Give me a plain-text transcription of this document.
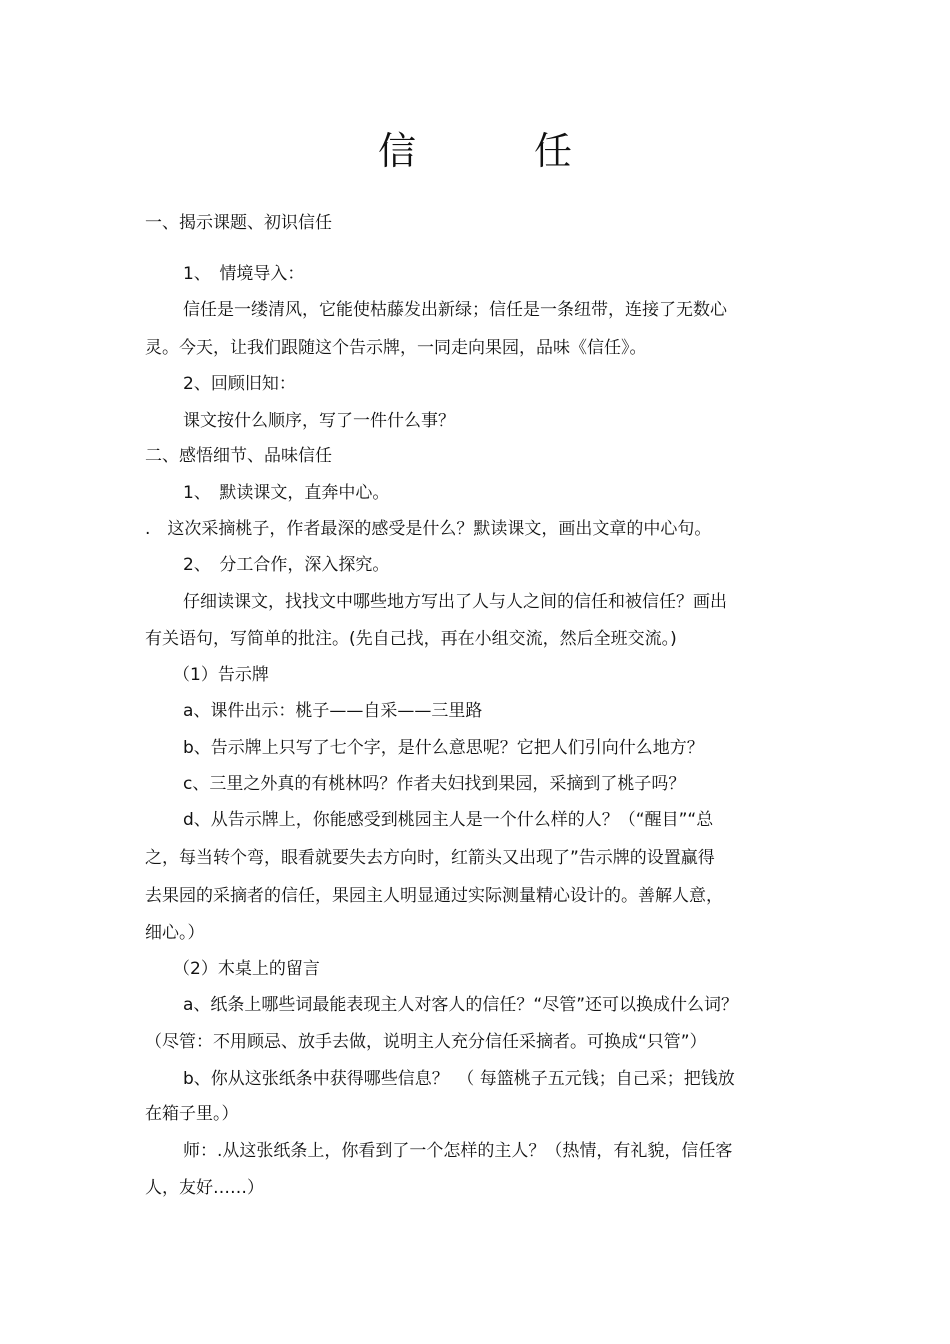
信　任
一、揭示课题、初识信任
1、　情境导入：
信任是一缕清风，它能使枯藤发出新绿；信任是一条纽带，连接了无数心
灵。今天，让我们跟随这个告示牌，一同走向果园，品味《信任》。
2、回顾旧知：
课文按什么顺序，写了一件什么事？
二、感悟细节、品味信任
1、　默读课文，直奔中心。
.　这次采摘桃子，作者最深的感受是什么？默读课文，画出文章的中心句。
2、　分工合作，深入探究。
仔细读课文，找找文中哪些地方写出了人与人之间的信任和被信任？画出
有关语句，写简单的批注。(先自己找，再在小组交流，然后全班交流。)
（1）告示牌
a、课件出示：桃子——自采——三里路
b、告示牌上只写了七个字，是什么意思呢？它把人们引向什么地方？
c、三里之外真的有桃林吗？作者夫妇找到果园，采摘到了桃子吗？
d、从告示牌上，你能感受到桃园主人是一个什么样的人？（“醒目”“总
之，每当转个弯，眼看就要失去方向时，红箭头又出现了”告示牌的设置赢得
去果园的采摘者的信任，果园主人明显通过实际测量精心设计的。善解人意，
细心。）
（2）木桌上的留言
a、纸条上哪些词最能表现主人对客人的信任？“尽管”还可以换成什么词？
（尽管：不用顾忌、放手去做，说明主人充分信任采摘者。可换成“只管”）
b、你从这张纸条中获得哪些信息？　（ 每篮桃子五元钱；自己采；把钱放
在箱子里。）
师：.从这张纸条上，你看到了一个怎样的主人？（热情，有礼貌，信任客
人，友好……）
